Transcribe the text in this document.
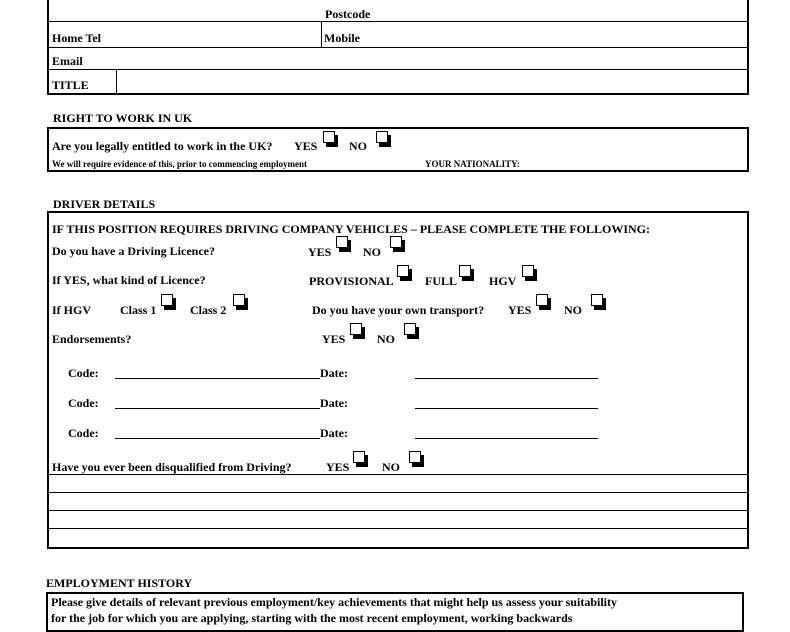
Postcode
Home Tel	Mobile
Email
TITLE
RIGHT TO WORK IN UK
Are you legally entitled to work in the UK? YES	NO
We will require evidence of this, prior to commencing employment	YOUR NATIONALITY:
DRIVER DETAILS
IF THIS POSITION REQUIRES DRIVING COMPANY VEHICLES – PLEASE COMPLETE THE FOLLOWING:
Do you have a Driving Licence?	YES	NO
If YES, what kind of Licence?	PROVISIONAL	FULL	HGV
If HGV Class 1	Class 2	Do you have your own transport? YES	NO
Endorsements?	YES	NO
Code:	Date:
Code:	Date:
Code:	Date:
Have you ever been disqualified from Driving?	YES	NO
EMPLOYMENT HISTORY
Please give details of relevant previous employment/key achievements that might help us assess your suitability
for the job for which you are applying, starting with the most recent employment, working backwards
